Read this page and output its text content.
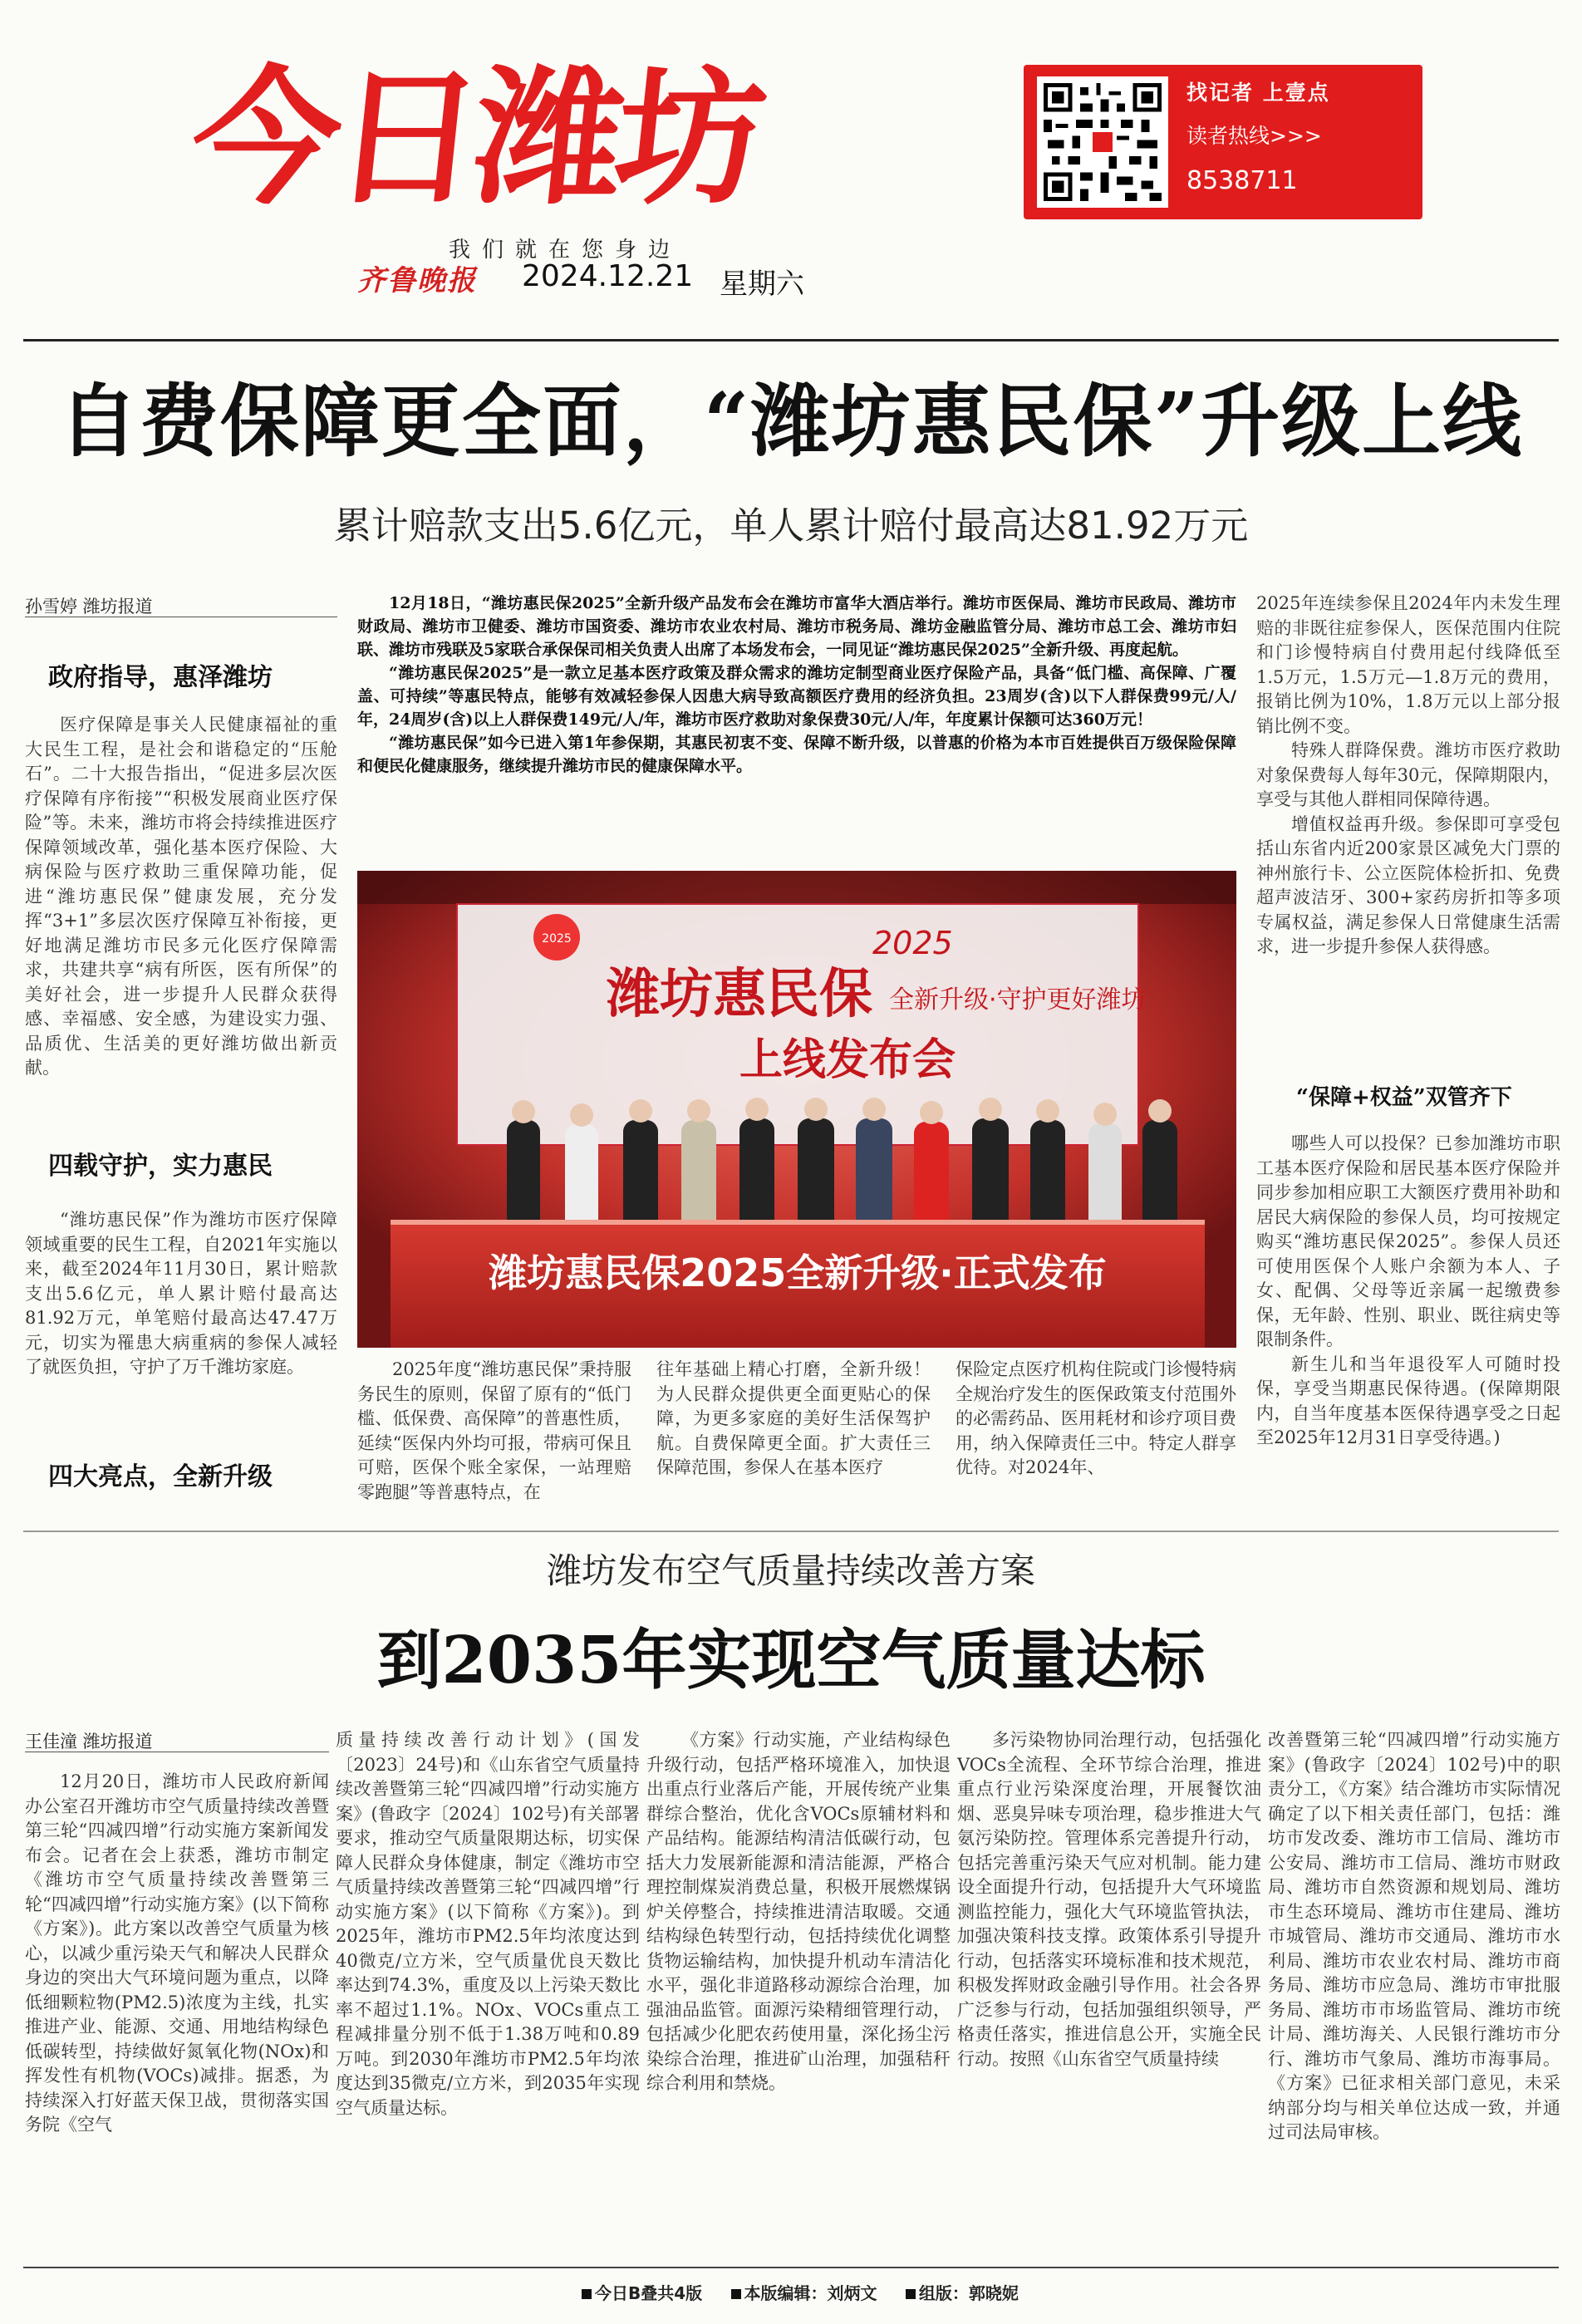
今日潍坊
我们就在您身边
齐鲁晚报 2024.12.21 星期六
找记者 上壹点
读者热线>>>
8538711
自费保障更全面，“潍坊惠民保”升级上线
累计赔款支出5.6亿元，单人累计赔付最高达81.92万元
孙雪婷 潍坊报道
政府指导，惠泽潍坊

医疗保障是事关人民健康福祉的重大民生工程，是社会和谐稳定的“压舱石”。二十大报告指出，“促进多层次医疗保障有序衔接”“积极发展商业医疗保险”等。未来，潍坊市将会持续推进医疗保障领域改革，强化基本医疗保险、大病保险与医疗救助三重保障功能，促进“潍坊惠民保”健康发展，充分发挥“3+1”多层次医疗保障互补衔接，更好地满足潍坊市民多元化医疗保障需求，共建共享“病有所医，医有所保”的美好社会，进一步提升人民群众获得感、幸福感、安全感，为建设实力强、品质优、生活美的更好潍坊做出新贡献。

四载守护，实力惠民

“潍坊惠民保”作为潍坊市医疗保障领域重要的民生工程，自2021年实施以来，截至2024年11月30日，累计赔款支出5.6亿元，单人累计赔付最高达81.92万元，单笔赔付最高达47.47万元，切实为罹患大病重病的参保人减轻了就医负担，守护了万千潍坊家庭。

四大亮点，全新升级

12月18日，“潍坊惠民保2025”全新升级产品发布会在潍坊市富华大酒店举行。潍坊市医保局、潍坊市民政局、潍坊市财政局、潍坊市卫健委、潍坊市国资委、潍坊市农业农村局、潍坊市税务局、潍坊金融监管分局、潍坊市总工会、潍坊市妇联、潍坊市残联及5家联合承保保司相关负责人出席了本场发布会，一同见证“潍坊惠民保2025”全新升级、再度起航。

“潍坊惠民保2025”是一款立足基本医疗政策及群众需求的潍坊定制型商业医疗保险产品，具备“低门槛、高保障、广覆盖、可持续”等惠民特点，能够有效减轻参保人因患大病导致高额医疗费用的经济负担。23周岁(含)以下人群保费99元/人/年，24周岁(含)以上人群保费149元/人/年，潍坊市医疗救助对象保费30元/人/年，年度累计保额可达360万元！

“潍坊惠民保”如今已进入第1年参保期，其惠民初衷不变、保障不断升级，以普惠的价格为本市百姓提供百万级保险保障和便民化健康服务，继续提升潍坊市民的健康保障水平。

2025
潍坊惠民保
2025
全新升级·守护更好潍坊
上线发布会
潍坊惠民保2025全新升级·正式发布

2025年度“潍坊惠民保”秉持服务民生的原则，保留了原有的“低门槛、低保费、高保障”的普惠性质，延续“医保内外均可报，带病可保且可赔，医保个账全家保，一站理赔零跑腿”等普惠特点，在

往年基础上精心打磨，全新升级！为人民群众提供更全面更贴心的保障，为更多家庭的美好生活保驾护航。自费保障更全面。扩大责任三保障范围，参保人在基本医疗

保险定点医疗机构住院或门诊慢特病全规治疗发生的医保政策支付范围外的必需药品、医用耗材和诊疗项目费用，纳入保障责任三中。特定人群享优待。对2024年、

2025年连续参保且2024年内未发生理赔的非既往症参保人，医保范围内住院和门诊慢特病自付费用起付线降低至1.5万元，1.5万元—1.8万元的费用，报销比例为10%，1.8万元以上部分报销比例不变。

特殊人群降保费。潍坊市医疗救助对象保费每人每年30元，保障期限内，享受与其他人群相同保障待遇。

增值权益再升级。参保即可享受包括山东省内近200家景区减免大门票的神州旅行卡、公立医院体检折扣、免费超声波洁牙、300+家药房折扣等多项专属权益，满足参保人日常健康生活需求，进一步提升参保人获得感。

“保障+权益”双管齐下

哪些人可以投保？已参加潍坊市职工基本医疗保险和居民基本医疗保险并同步参加相应职工大额医疗费用补助和居民大病保险的参保人员，均可按规定购买“潍坊惠民保2025”。参保人员还可使用医保个人账户余额为本人、子女、配偶、父母等近亲属一起缴费参保，无年龄、性别、职业、既往病史等限制条件。

新生儿和当年退役军人可随时投保，享受当期惠民保待遇。(保障期限内，自当年度基本医保待遇享受之日起至2025年12月31日享受待遇。)

潍坊发布空气质量持续改善方案
到2035年实现空气质量达标
王佳潼 潍坊报道

12月20日，潍坊市人民政府新闻办公室召开潍坊市空气质量持续改善暨第三轮“四减四增”行动实施方案新闻发布会。记者在会上获悉，潍坊市制定《潍坊市空气质量持续改善暨第三轮“四减四增”行动实施方案》(以下简称《方案》)。此方案以改善空气质量为核心，以减少重污染天气和解决人民群众身边的突出大气环境问题为重点，以降低细颗粒物(PM2.5)浓度为主线，扎实推进产业、能源、交通、用地结构绿色低碳转型，持续做好氮氧化物(NOx)和挥发性有机物(VOCs)减排。据悉，为持续深入打好蓝天保卫战，贯彻落实国务院《空气

质量持续改善行动计划》(国发〔2023〕24号)和《山东省空气质量持续改善暨第三轮“四减四增”行动实施方案》(鲁政字〔2024〕102号)有关部署要求，推动空气质量限期达标，切实保障人民群众身体健康，制定《潍坊市空气质量持续改善暨第三轮“四减四增”行动实施方案》(以下简称《方案》)。到2025年，潍坊市PM2.5年均浓度达到40微克/立方米，空气质量优良天数比率达到74.3%，重度及以上污染天数比率不超过1.1%。NOx、VOCs重点工程减排量分别不低于1.38万吨和0.89万吨。到2030年潍坊市PM2.5年均浓度达到35微克/立方米，到2035年实现空气质量达标。

《方案》行动实施，产业结构绿色升级行动，包括严格环境准入，加快退出重点行业落后产能，开展传统产业集群综合整治，优化含VOCs原辅材料和产品结构。能源结构清洁低碳行动，包括大力发展新能源和清洁能源，严格合理控制煤炭消费总量，积极开展燃煤锅炉关停整合，持续推进清洁取暖。交通结构绿色转型行动，包括持续优化调整货物运输结构，加快提升机动车清洁化水平，强化非道路移动源综合治理，加强油品监管。面源污染精细管理行动，包括减少化肥农药使用量，深化扬尘污染综合治理，推进矿山治理，加强秸秆综合利用和禁烧。

多污染物协同治理行动，包括强化VOCs全流程、全环节综合治理，推进重点行业污染深度治理，开展餐饮油烟、恶臭异味专项治理，稳步推进大气氨污染防控。管理体系完善提升行动，包括完善重污染天气应对机制。能力建设全面提升行动，包括提升大气环境监测监控能力，强化大气环境监管执法，加强决策科技支撑。政策体系引导提升行动，包括落实环境标准和技术规范，积极发挥财政金融引导作用。社会各界广泛参与行动，包括加强组织领导，严格责任落实，推进信息公开，实施全民行动。按照《山东省空气质量持续

改善暨第三轮“四减四增”行动实施方案》(鲁政字〔2024〕102号)中的职责分工，《方案》结合潍坊市实际情况确定了以下相关责任部门，包括：潍坊市发改委、潍坊市工信局、潍坊市公安局、潍坊市工信局、潍坊市财政局、潍坊市自然资源和规划局、潍坊市生态环境局、潍坊市住建局、潍坊市城管局、潍坊市交通局、潍坊市水利局、潍坊市农业农村局、潍坊市商务局、潍坊市应急局、潍坊市审批服务局、潍坊市市场监管局、潍坊市统计局、潍坊海关、人民银行潍坊市分行、潍坊市气象局、潍坊市海事局。《方案》已征求相关部门意见，未采纳部分均与相关单位达成一致，并通过司法局审核。

今日B叠共4版	本版编辑：刘炳文	组版：郭晓妮
